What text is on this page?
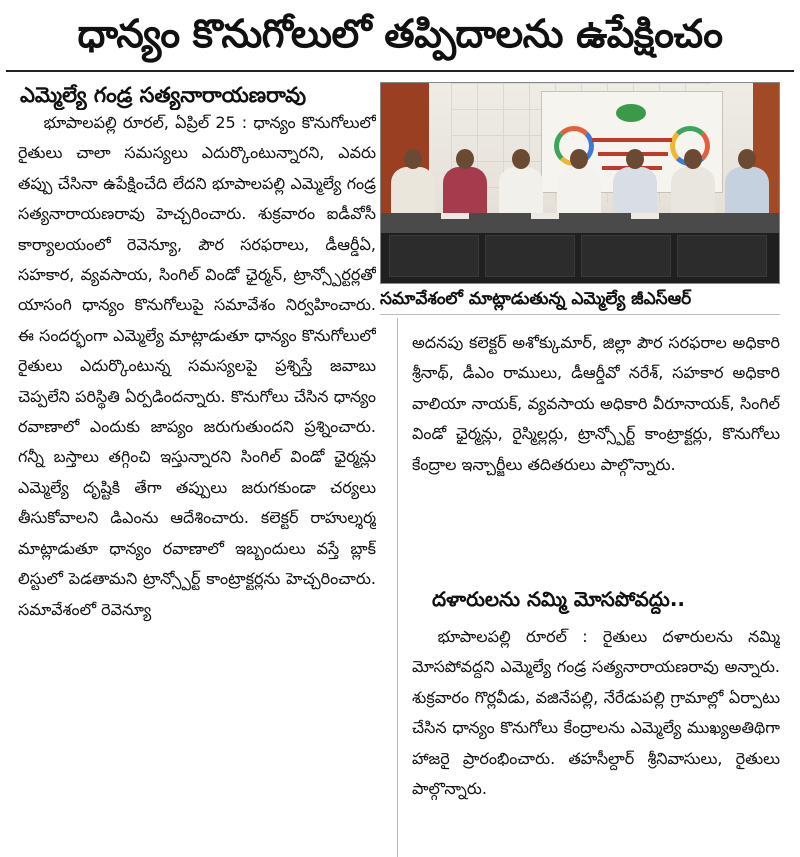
ధాన్యం కొనుగోలులో తప్పిదాలను ఉపేక్షించం
ఎమ్మెల్యే గండ్ర సత్యనారాయణరావు

భూపాలపల్లి రూరల్, ఏప్రిల్ 25 : ధాన్యం కొనుగోలులో రైతులు చాలా సమస్యలు ఎదుర్కొంటున్నారని, ఎవరు తప్పు చేసినా ఉపేక్షించేది లేదని భూపాలపల్లి ఎమ్మెల్యే గండ్ర సత్యనారాయణరావు హెచ్చరించారు. శుక్రవారం ఐడీవోసీ కార్యాలయంలో రెవెన్యూ, పౌర సరఫరాలు, డీఆర్డీఏ, సహకార, వ్యవసాయ, సింగిల్ విండో ఛైర్మన్, ట్రాన్స్పోర్టర్లతో యాసంగి ధాన్యం కొనుగోలుపై సమావేశం నిర్వహించారు. ఈ సందర్భంగా ఎమ్మెల్యే మాట్లాడుతూ ధాన్యం కొనుగోలులో రైతులు ఎదుర్కొంటున్న సమస్యలపై ప్రశ్నిస్తే జవాబు చెప్పలేని పరిస్థితి ఏర్పడిందన్నారు. కొనుగోలు చేసిన ధాన్యం రవాణాలో ఎందుకు జాప్యం జరుగుతుందని ప్రశ్నించారు. గన్నీ బస్తాలు తగ్గించి ఇస్తున్నారని సింగిల్ విండో ఛైర్మన్లు ఎమ్మెల్యే దృష్టికి తేగా తప్పులు జరుగకుండా చర్యలు తీసుకోవాలని డిఎంను ఆదేశించారు. కలెక్టర్ రాహుల్శర్మ మాట్లాడుతూ ధాన్యం రవాణాలో ఇబ్బందులు వస్తే బ్లాక్ లిస్టులో పెడతామని ట్రాన్స్పోర్ట్ కాంట్రాక్టర్లను హెచ్చరించారు. సమావేశంలో రెవెన్యూ

సమావేశంలో మాట్లాడుతున్న ఎమ్మెల్యే జీఎస్ఆర్

అదనపు కలెక్టర్ అశోక్కుమార్, జిల్లా పౌర సరఫరాల అధికారి శ్రీనాథ్, డీఎం రాములు, డీఆర్డీవో నరేశ్, సహకార అధికారి వాలియా నాయక్, వ్యవసాయ అధికారి వీరూనాయక్, సింగిల్ విండో ఛైర్మన్లు, రైస్మిల్లర్లు, ట్రాన్స్పోర్ట్ కాంట్రాక్టర్లు, కొనుగోలు కేంద్రాల ఇన్చార్జీలు తదితరులు పాల్గొన్నారు.

దళారులను నమ్మి మోసపోవద్దు..

భూపాలపల్లి రూరల్ : రైతులు దళారులను నమ్మి మోసపోవద్దని ఎమ్మెల్యే గండ్ర సత్యనారాయణరావు అన్నారు. శుక్రవారం గొర్లవీడు, వజినేపల్లి, నేరేడుపల్లి గ్రామాల్లో ఏర్పాటు చేసిన ధాన్యం కొనుగోలు కేంద్రాలను ఎమ్మెల్యే ముఖ్యఅతిథిగా హాజరై ప్రారంభించారు. తహసీల్దార్ శ్రీనివాసులు, రైతులు పాల్గొన్నారు.
